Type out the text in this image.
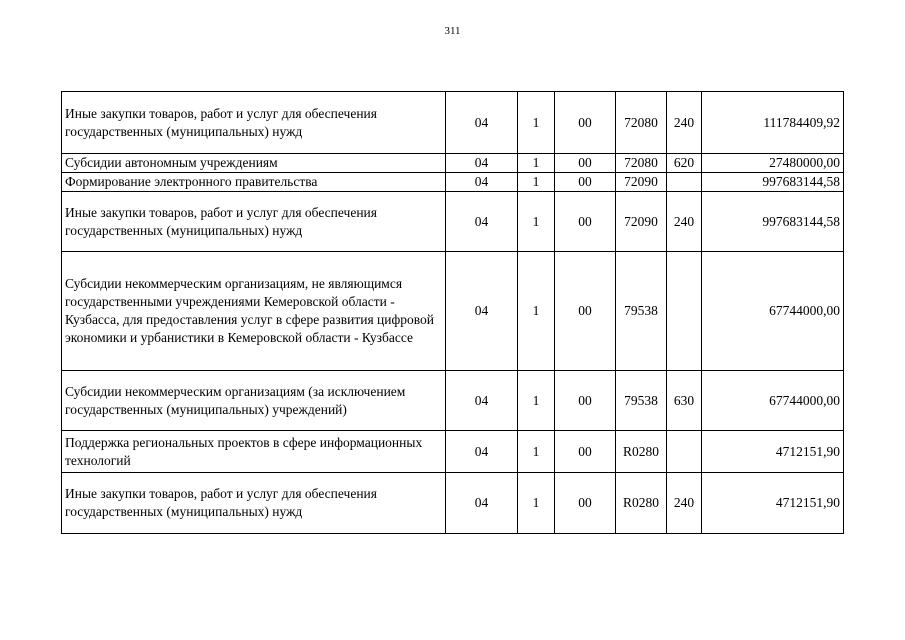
311
Иные закупки товаров, работ и услуг для обеспечения государственных (муниципальных) нужд	04	1	00	72080	240	111784409,92
Субсидии автономным учреждениям	04	1	00	72080	620	27480000,00
Формирование электронного правительства	04	1	00	72090		997683144,58
Иные закупки товаров, работ и услуг для обеспечения государственных (муниципальных) нужд	04	1	00	72090	240	997683144,58
Субсидии некоммерческим организациям, не являющимся государственными учреждениями Кемеровской области - Кузбасса, для предоставления услуг в сфере развития цифровой экономики и урбанистики в Кемеровской области - Кузбассе	04	1	00	79538		67744000,00
Субсидии некоммерческим организациям (за исключением государственных (муниципальных) учреждений)	04	1	00	79538	630	67744000,00
Поддержка региональных проектов в сфере информационных технологий	04	1	00	R0280		4712151,90
Иные закупки товаров, работ и услуг для обеспечения государственных (муниципальных) нужд	04	1	00	R0280	240	4712151,90
